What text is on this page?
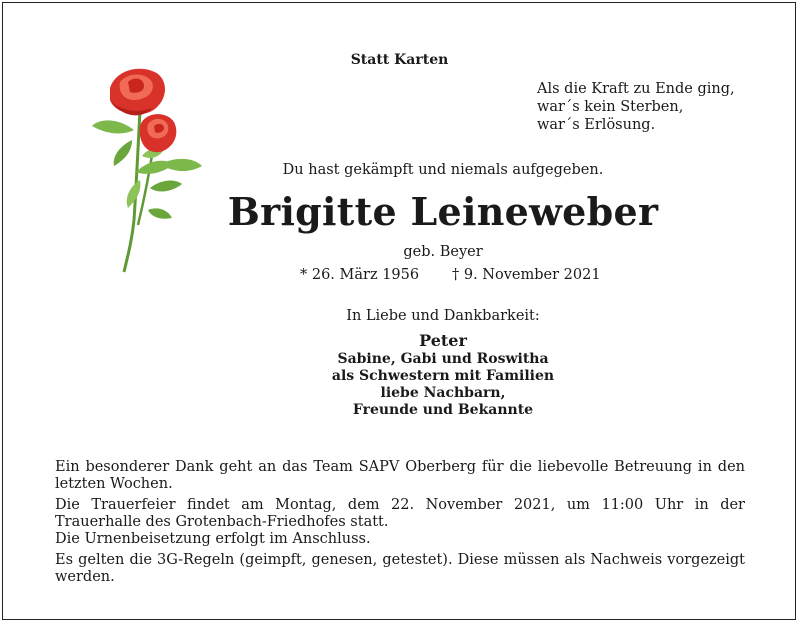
Statt Karten
Als die Kraft zu Ende ging,
war´s kein Sterben,
war´s Erlösung.
Du hast gekämpft und niemals aufgegeben.
Brigitte Leineweber
geb. Beyer
* 26. März 1956 † 9. November 2021
In Liebe und Dankbarkeit:
Peter
Sabine, Gabi und Roswitha
als Schwestern mit Familien
liebe Nachbarn,
Freunde und Bekannte

Ein besonderer Dank geht an das Team SAPV Oberberg für die liebevolle Betreuung in den letzten Wochen.

Die Trauerfeier findet am Montag, dem 22. November 2021, um 11:00 Uhr in der Trauerhalle des Grotenbach-Friedhofes statt.

Die Urnenbeisetzung erfolgt im Anschluss.

Es gelten die 3G-Regeln (geimpft, genesen, getestet). Diese müssen als Nachweis vorgezeigt werden.
